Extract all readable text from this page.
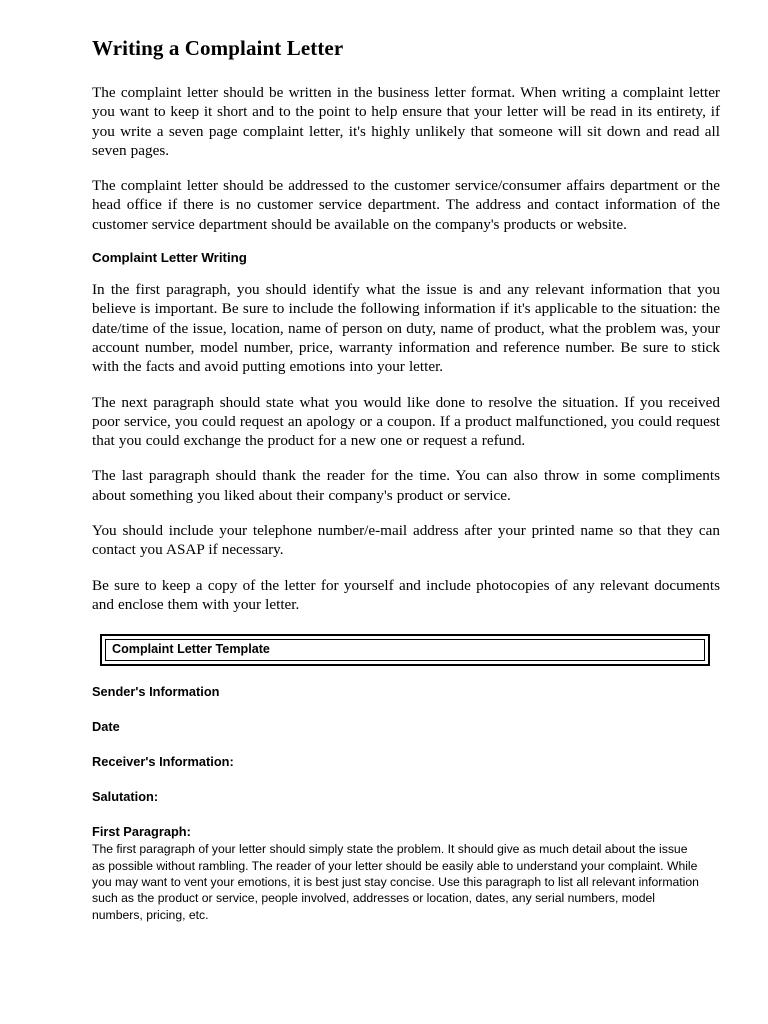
Writing a Complaint Letter

The complaint letter should be written in the business letter format. When writing a complaint letter you want to keep it short and to the point to help ensure that your letter will be read in its entirety, if you write a seven page complaint letter, it's highly unlikely that someone will sit down and read all seven pages.

The complaint letter should be addressed to the customer service/consumer affairs department or the head office if there is no customer service department. The address and contact information of the customer service department should be available on the company's products or website.

Complaint Letter Writing

In the first paragraph, you should identify what the issue is and any relevant information that you believe is important. Be sure to include the following information if it's applicable to the situation: the date/time of the issue, location, name of person on duty, name of product, what the problem was, your account number, model number, price, warranty information and reference number. Be sure to stick with the facts and avoid putting emotions into your letter.

The next paragraph should state what you would like done to resolve the situation. If you received poor service, you could request an apology or a coupon. If a product malfunctioned, you could request that you could exchange the product for a new one or request a refund.

The last paragraph should thank the reader for the time. You can also throw in some compliments about something you liked about their company's product or service.

You should include your telephone number/e-mail address after your printed name so that they can contact you ASAP if necessary.

Be sure to keep a copy of the letter for yourself and include photocopies of any relevant documents and enclose them with your letter.

Complaint Letter Template
Sender's Information
Date
Receiver's Information:
Salutation:
First Paragraph:

The first paragraph of your letter should simply state the problem. It should give as much detail about the issue as possible without rambling. The reader of your letter should be easily able to understand your complaint. While you may want to vent your emotions, it is best just stay concise. Use this paragraph to list all relevant information such as the product or service, people involved, addresses or location, dates, any serial numbers, model numbers, pricing, etc.
